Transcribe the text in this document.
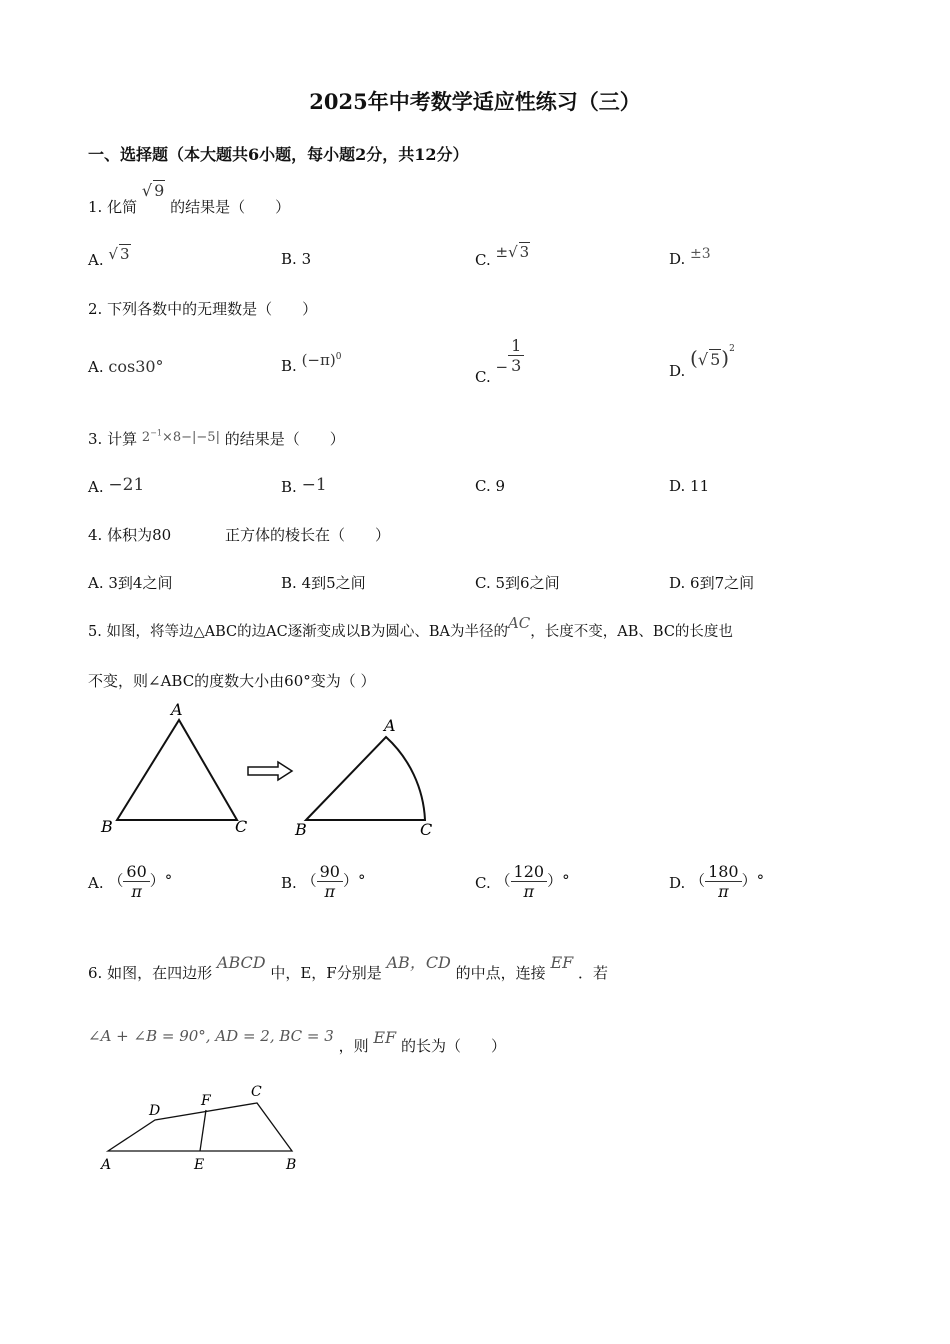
2025年中考数学适应性练习（三）
一、选择题（本大题共6小题，每小题2分，共12分）
1. 化简 √ 9 的结果是（　　）
A. √ 3	B. 3	C. ±√ 3	D. ±3
2. 下列各数中的无理数是（　　）
A. cos30°	B. $(-\pi)^0$
C. − $\frac{1}{3}$	D. (√ 5)$^2$
3. 计算 $2^{-1}\times 8-|-5|$ 的结果是（　　）
A. −21	B. −1	C. 9	D. 11
4. 体积为80	正方体的棱长在（　　）
A. 3到4之间	B. 4到5之间	C. 5到6之间	D. 6到7之间
5. 如图，将等边△ABC的边AC逐渐变成以B为圆心、BA为半径的AC，长度不变，AB、BC的长度也
不变，则∠ABC的度数大小由60°变为（ ）
A
B	C
A
B	C
A. （ $\frac{60}{\pi}$ ）°	B. （ $\frac{90}{\pi}$ ）°	C. （ $\frac{120}{\pi}$ ）°	D. （ $\frac{180}{\pi}$ ）°
6. 如图，在四边形 ABCD 中，E，F分别是 AB，CD 的中点，连接 EF ．若
∠A + ∠B = 90°, AD = 2, BC = 3 ，则 EF 的长为（　　）
A	E	B
D
F
C
